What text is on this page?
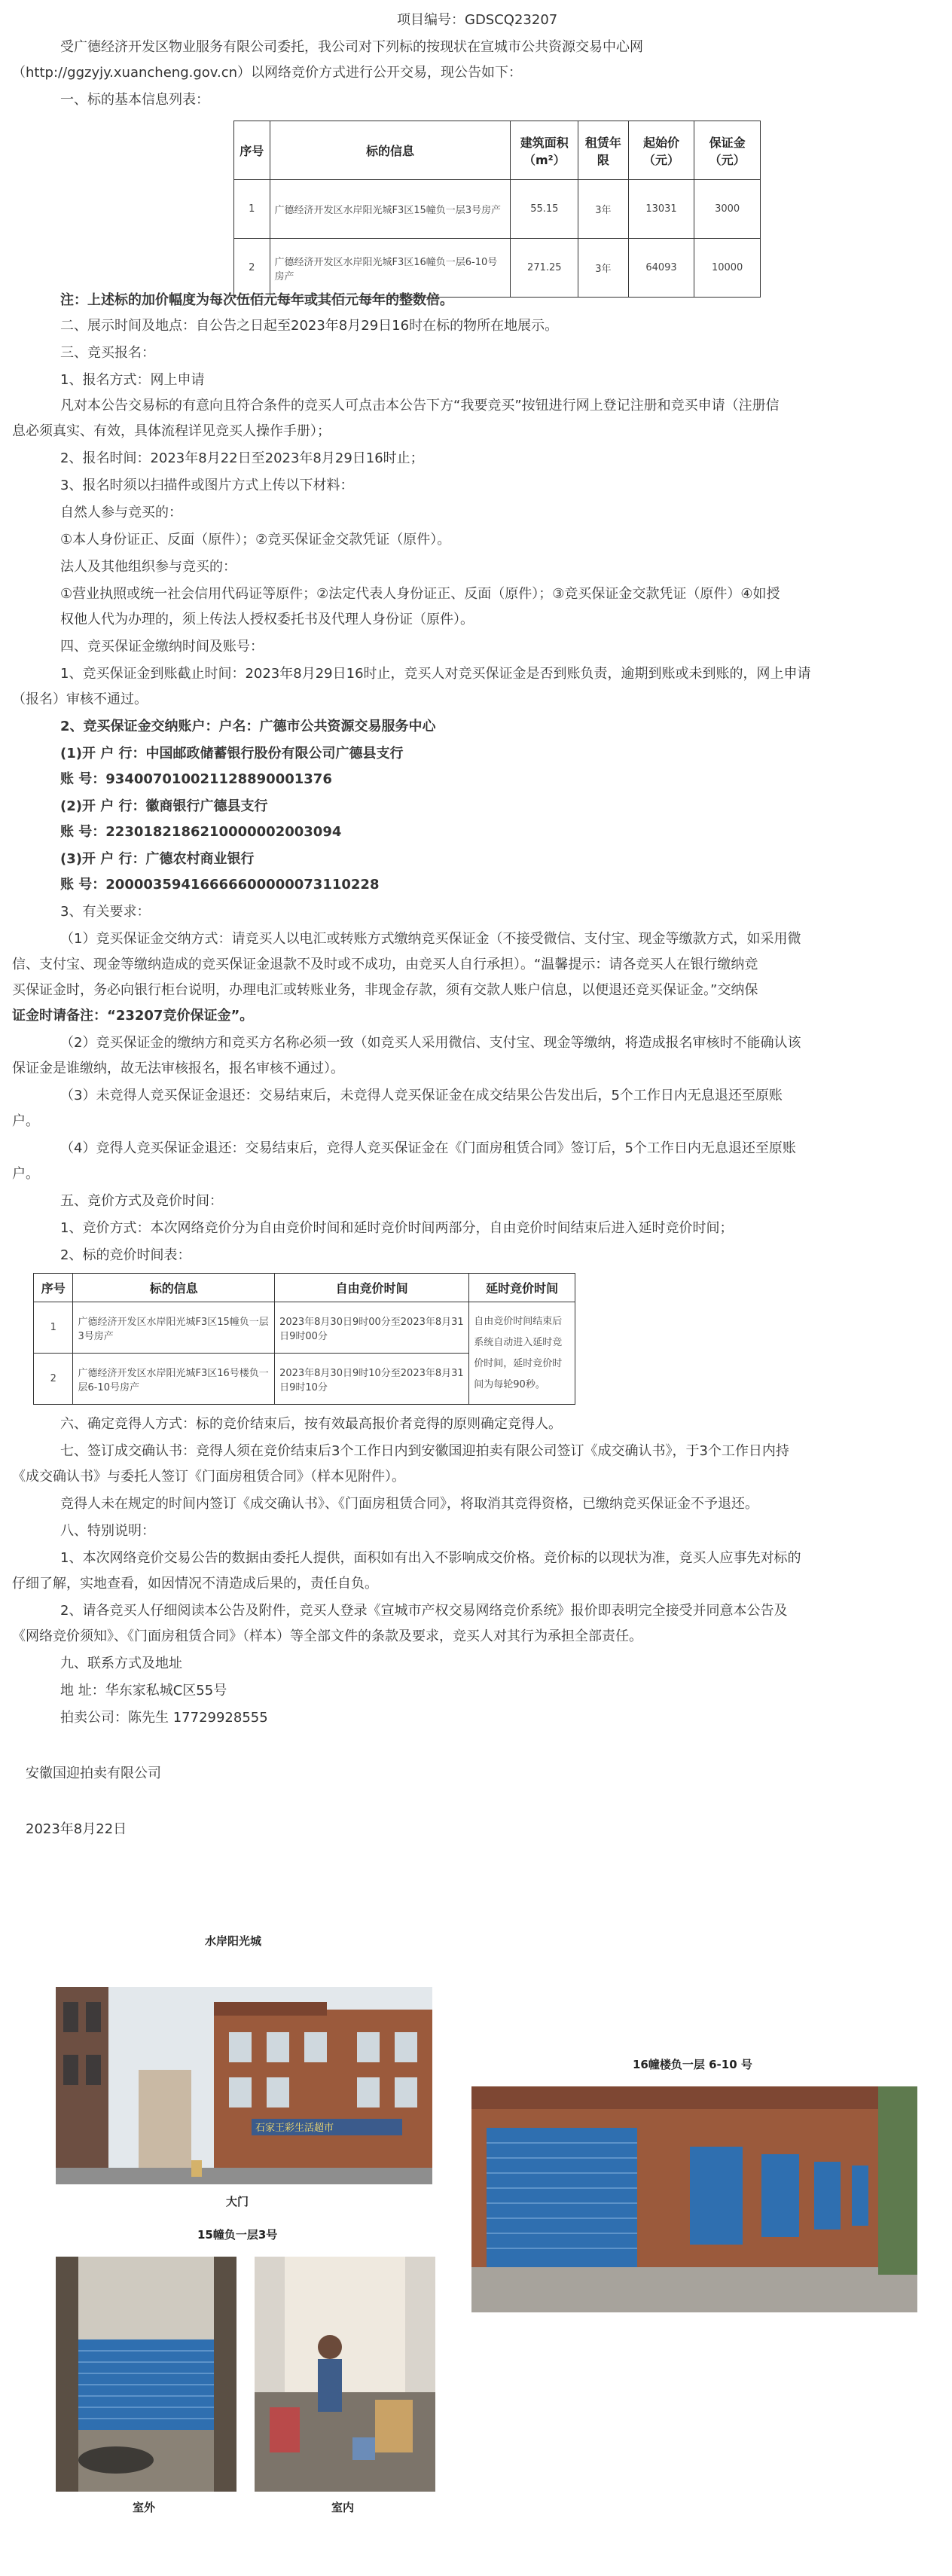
项目编号：GDSCQ23207
受广德经济开发区物业服务有限公司委托，我公司对下列标的按现状在宣城市公共资源交易中心网
（http://ggzyjy.xuancheng.gov.cn）以网络竞价方式进行公开交易，现公告如下：
一、标的基本信息列表：
序号	标的信息	建筑面积（m²）	租赁年限	起始价（元）	保证金（元）
1	广德经济开发区水岸阳光城F3区15幢负一层3号房产	55.15	3年	13031	3000
2	广德经济开发区水岸阳光城F3区16幢负一层6-10号房产	271.25	3年	64093	10000
注：上述标的加价幅度为每次伍佰元每年或其佰元每年的整数倍。
二、展示时间及地点：自公告之日起至2023年8月29日16时在标的物所在地展示。
三、竞买报名：
1、报名方式：网上申请
凡对本公告交易标的有意向且符合条件的竞买人可点击本公告下方“我要竞买”按钮进行网上登记注册和竞买申请（注册信
息必须真实、有效，具体流程详见竞买人操作手册）；
2、报名时间：2023年8月22日至2023年8月29日16时止；
3、报名时须以扫描件或图片方式上传以下材料：
自然人参与竞买的：
①本人身份证正、反面（原件）；②竞买保证金交款凭证（原件）。
法人及其他组织参与竞买的：
①营业执照或统一社会信用代码证等原件；②法定代表人身份证正、反面（原件）；③竞买保证金交款凭证（原件）④如授
权他人代为办理的，须上传法人授权委托书及代理人身份证（原件）。
四、竞买保证金缴纳时间及账号：
1、竞买保证金到账截止时间：2023年8月29日16时止，竞买人对竞买保证金是否到账负责，逾期到账或未到账的，网上申请
（报名）审核不通过。
2、竞买保证金交纳账户：户名：广德市公共资源交易服务中心
(1)开 户 行：中国邮政储蓄银行股份有限公司广德县支行
账 号：934007010021128890001376
(2)开 户 行：徽商银行广德县支行
账 号：2230182186210000002003094
(3)开 户 行：广德农村商业银行
账 号：20000359416666600000073110228
3、有关要求：
（1）竞买保证金交纳方式：请竞买人以电汇或转账方式缴纳竞买保证金（不接受微信、支付宝、现金等缴款方式，如采用微
信、支付宝、现金等缴纳造成的竞买保证金退款不及时或不成功，由竞买人自行承担）。“温馨提示：请各竞买人在银行缴纳竞
买保证金时，务必向银行柜台说明，办理电汇或转账业务，非现金存款，须有交款人账户信息，以便退还竞买保证金。”交纳保
证金时请备注：“23207竞价保证金”。
（2）竞买保证金的缴纳方和竞买方名称必须一致（如竞买人采用微信、支付宝、现金等缴纳，将造成报名审核时不能确认该
保证金是谁缴纳，故无法审核报名，报名审核不通过）。
（3）未竞得人竞买保证金退还：交易结束后，未竞得人竞买保证金在成交结果公告发出后，5个工作日内无息退还至原账
户。
（4）竞得人竞买保证金退还：交易结束后，竞得人竞买保证金在《门面房租赁合同》签订后，5个工作日内无息退还至原账
户。
五、竞价方式及竞价时间：
1、竞价方式：本次网络竞价分为自由竞价时间和延时竞价时间两部分，自由竞价时间结束后进入延时竞价时间；
2、标的竞价时间表：
序号	标的信息	自由竞价时间	延时竞价时间
1	广德经济开发区水岸阳光城F3区15幢负一层3号房产	2023年8月30日9时00分至2023年8月31日9时00分	自由竞价时间结束后系统自动进入延时竞价时间，延时竞价时间为每轮90秒。
2	广德经济开发区水岸阳光城F3区16号楼负一层6-10号房产	2023年8月30日9时10分至2023年8月31日9时10分	
六、确定竞得人方式：标的竞价结束后，按有效最高报价者竞得的原则确定竞得人。
七、签订成交确认书：竞得人须在竞价结束后3个工作日内到安徽国迎拍卖有限公司签订《成交确认书》，于3个工作日内持
《成交确认书》与委托人签订《门面房租赁合同》（样本见附件）。
竞得人未在规定的时间内签订《成交确认书》、《门面房租赁合同》，将取消其竞得资格，已缴纳竞买保证金不予退还。
八、特别说明：
1、本次网络竞价交易公告的数据由委托人提供，面积如有出入不影响成交价格。竞价标的以现状为准，竞买人应事先对标的
仔细了解，实地查看，如因情况不清造成后果的，责任自负。
2、请各竞买人仔细阅读本公告及附件，竞买人登录《宣城市产权交易网络竞价系统》报价即表明完全接受并同意本公告及
《网络竞价须知》、《门面房租赁合同》（样本）等全部文件的条款及要求，竞买人对其行为承担全部责任。
九、联系方式及地址
地 址：华东家私城C区55号
拍卖公司：陈先生 17729928555
安徽国迎拍卖有限公司
2023年8月22日
水岸阳光城
石家王彩生活超市
大门
15幢负一层3号
室外	室内
16幢楼负一层 6-10 号
